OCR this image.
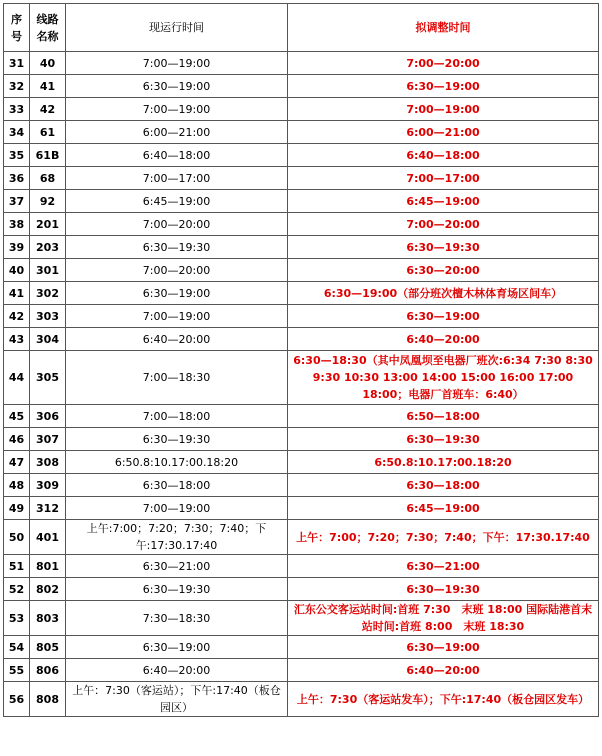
序号	线路名称	现运行时间	拟调整时间
31	40	7:00—19:00	7:00—20:00
32	41	6:30—19:00	6:30—19:00
33	42	7:00—19:00	7:00—19:00
34	61	6:00—21:00	6:00—21:00
35	61B	6:40—18:00	6:40—18:00
36	68	7:00—17:00	7:00—17:00
37	92	6:45—19:00	6:45—19:00
38	201	7:00—20:00	7:00—20:00
39	203	6:30—19:30	6:30—19:30
40	301	7:00—20:00	6:30—20:00
41	302	6:30—19:00	6:30—19:00（部分班次檀木林体育场区间车）
42	303	7:00—19:00	6:30—19:00
43	304	6:40—20:00	6:40—20:00
44	305	7:00—18:30	6:30—18:30（其中凤凰坝至电器厂班次:6:34 7:30 8:30 9:30 10:30 13:00 14:00 15:00 16:00 17:00 18:00；电器厂首班车：6:40）
45	306	7:00—18:00	6:50—18:00
46	307	6:30—19:30	6:30—19:30
47	308	6:50.8:10.17:00.18:20	6:50.8:10.17:00.18:20
48	309	6:30—18:00	6:30—18:00
49	312	7:00—19:00	6:45—19:00
50	401	上午:7:00；7:20；7:30；7:40；下午:17:30.17:40	上午：7:00；7:20；7:30；7:40；下午：17:30.17:40
51	801	6:30—21:00	6:30—21:00
52	802	6:30—19:30	6:30—19:30
53	803	7:30—18:30	汇东公交客运站时间:首班 7:30　末班 18:00 国际陆港首末站时间:首班 8:00　末班 18:30
54	805	6:30—19:00	6:30—19:00
55	806	6:40—20:00	6:40—20:00
56	808	上午：7:30（客运站）；下午:17:40（板仓园区）	上午：7:30（客运站发车）；下午:17:40（板仓园区发车）
